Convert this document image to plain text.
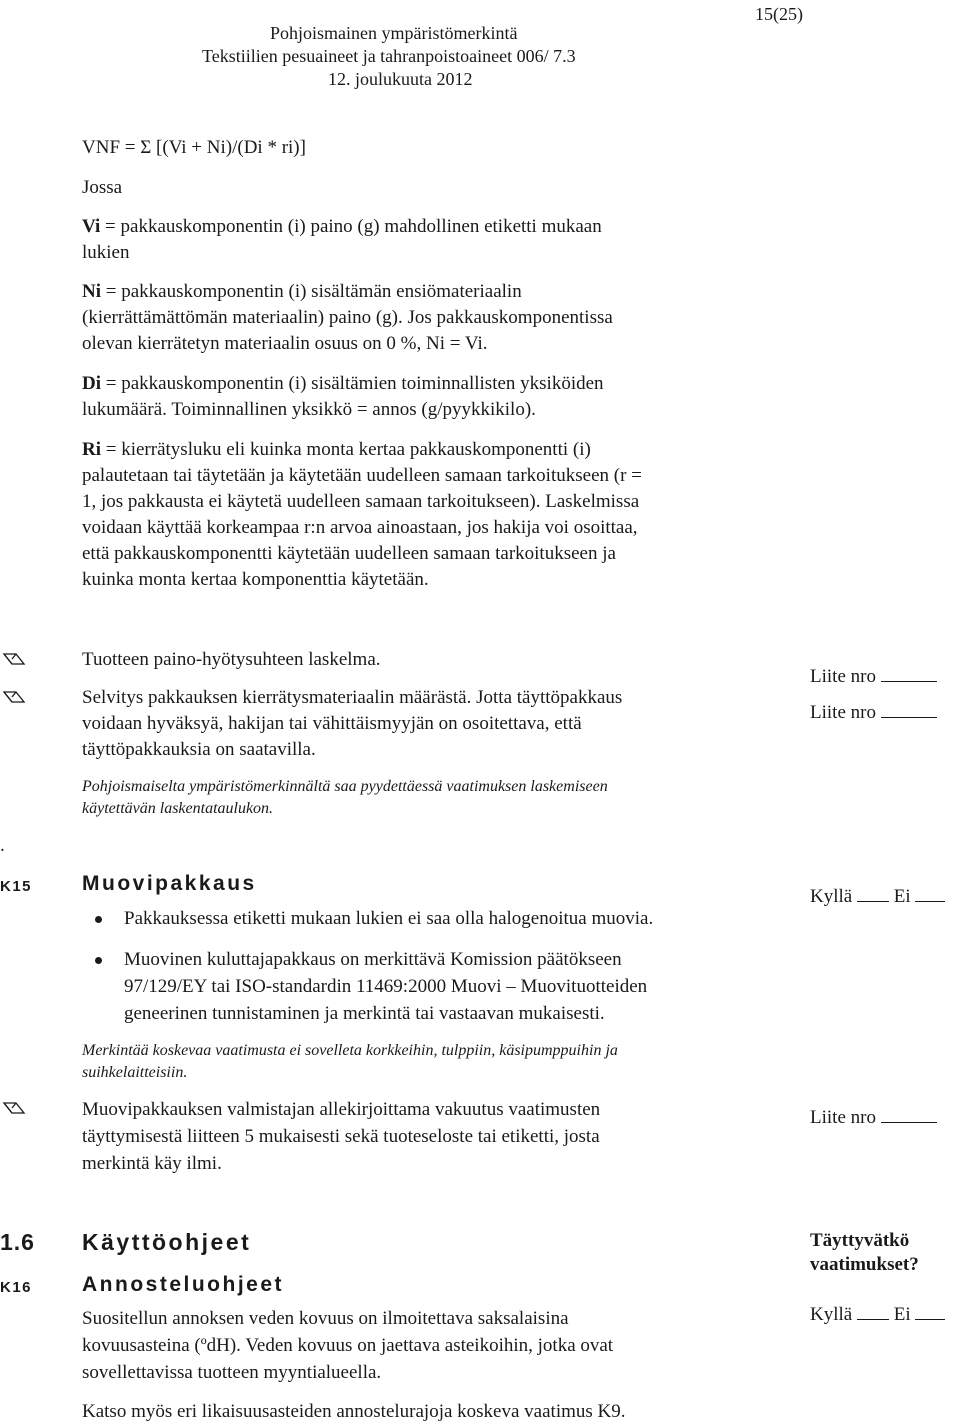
15(25)
Pohjoismainen ympäristömerkintä
Tekstiilien pesuaineet ja tahranpoistoaineet 006/ 7.3
12. joulukuuta 2012
VNF = Σ [(Vi + Ni)/(Di * ri)]
Jossa
Vi = pakkauskomponentin (i) paino (g) mahdollinen etiketti mukaan
lukien
Ni = pakkauskomponentin (i) sisältämän ensiömateriaalin
(kierrättämättömän materiaalin) paino (g). Jos pakkauskomponentissa
olevan kierrätetyn materiaalin osuus on 0 %, Ni = Vi.
Di = pakkauskomponentin (i) sisältämien toiminnallisten yksiköiden
lukumäärä. Toiminnallinen yksikkö = annos (g/pyykkikilo).
Ri = kierrätysluku eli kuinka monta kertaa pakkauskomponentti (i)
palautetaan tai täytetään ja käytetään uudelleen samaan tarkoitukseen (r =
1, jos pakkausta ei käytetä uudelleen samaan tarkoitukseen). Laskelmissa
voidaan käyttää korkeampaa r:n arvoa ainoastaan, jos hakija voi osoittaa,
että pakkauskomponentti käytetään uudelleen samaan tarkoitukseen ja
kuinka monta kertaa komponenttia käytetään.
Tuotteen paino-hyötysuhteen laskelma.
Selvitys pakkauksen kierrätysmateriaalin määrästä. Jotta täyttöpakkaus
voidaan hyväksyä, hakijan tai vähittäismyyjän on osoitettava, että
täyttöpakkauksia on saatavilla.
Liite nro
Liite nro
Pohjoismaiselta ympäristömerkinnältä saa pyydettäessä vaatimuksen laskemiseen
käytettävän laskentataulukon.
.
K15 Muovipakkaus
Kyllä Ei
Pakkauksessa etiketti mukaan lukien ei saa olla halogenoitua muovia.
Muovinen kuluttajapakkaus on merkittävä Komission päätökseen
97/129/EY tai ISO-standardin 11469:2000 Muovi – Muovituotteiden
geneerinen tunnistaminen ja merkintä tai vastaavan mukaisesti.
Merkintää koskevaa vaatimusta ei sovelleta korkkeihin, tulppiin, käsipumppuihin ja
suihkelaitteisiin.
Muovipakkauksen valmistajan allekirjoittama vakuutus vaatimusten
täyttymisestä liitteen 5 mukaisesti sekä tuoteseloste tai etiketti, josta
merkintä käy ilmi.
Liite nro
1.6 Käyttöohjeet	Täyttyvätkö
vaatimukset?
K16 Annosteluohjeet
Suositellun annoksen veden kovuus on ilmoitettava saksalaisina
kovuusasteina (ºdH). Veden kovuus on jaettava asteikoihin, jotka ovat
sovellettavissa tuotteen myyntialueella.
Kyllä Ei
Katso myös eri likaisuusasteiden annostelurajoja koskeva vaatimus K9.
